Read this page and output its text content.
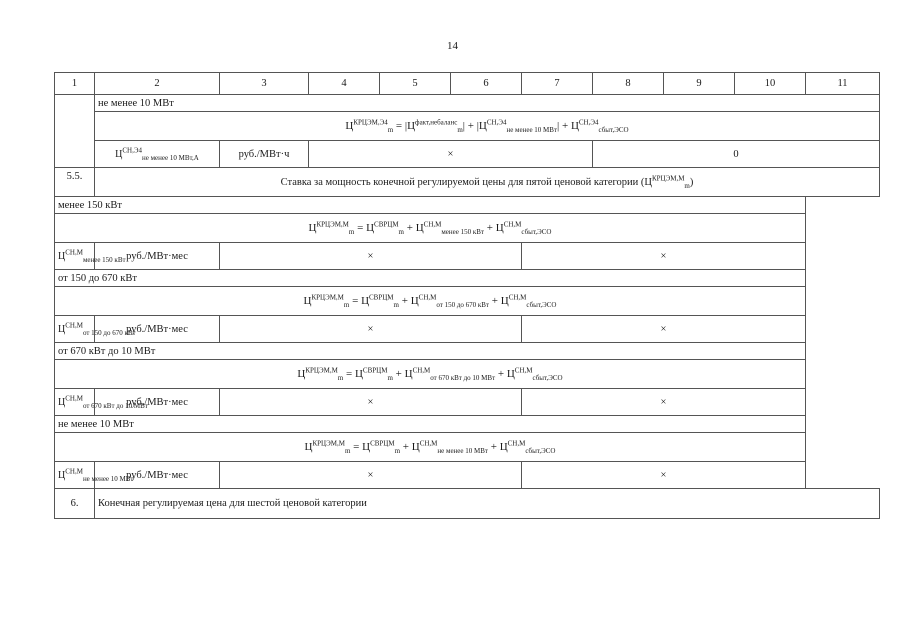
14
1	2	3	4	5	6	7	8	9	10	11
	не менее 10 МВт									
	$Ц^{КРЦЭМ,Э4}_m = |Ц^{факт,небаланс}_m| + |Ц^{СН,Э4}_{не менее 10 МВт}| + Ц^{СН,Э4}_{сбыт,ЭСО}$
	$Ц^{СН,Э4}_{не менее 10 МВт,А}$	руб./МВт·ч	×				0			
5.5.	Ставка за мощность конечной регулируемой цены для пятой ценовой категории $(Ц^{КРЦЭМ,М}_m)$									
менее 150 кВт										
$Ц^{КРЦЭМ,М}_m = Ц^{СВРЦМ}_m + Ц^{СН,М}_{менее 150 кВт} + Ц^{СН,М}_{сбыт,ЭСО}$
$Ц^{СН,М}_{менее 150 кВт}$	руб./МВт·мес	×				×				
от 150 до 670 кВт										
$Ц^{КРЦЭМ,М}_m = Ц^{СВРЦМ}_m + Ц^{СН,М}_{от 150 до 670 кВт} + Ц^{СН,М}_{сбыт,ЭСО}$
$Ц^{СН,М}_{от 150 до 670 кВт}$	руб./МВт·мес	×				×				
от 670 кВт до 10 МВт										
$Ц^{КРЦЭМ,М}_m = Ц^{СВРЦМ}_m + Ц^{СН,М}_{от 670 кВт до 10 МВт} + Ц^{СН,М}_{сбыт,ЭСО}$
$Ц^{СН,М}_{от 670 кВт до 10 МВт}$	руб./МВт·мес	×				×				
не менее 10 МВт										
$Ц^{КРЦЭМ,М}_m = Ц^{СВРЦМ}_m + Ц^{СН,М}_{не менее 10 МВт} + Ц^{СН,М}_{сбыт,ЭСО}$
$Ц^{СН,М}_{не менее 10 МВт}$	руб./МВт·мес	×				×				
6.	Конечная регулируемая цена для шестой ценовой категории									
